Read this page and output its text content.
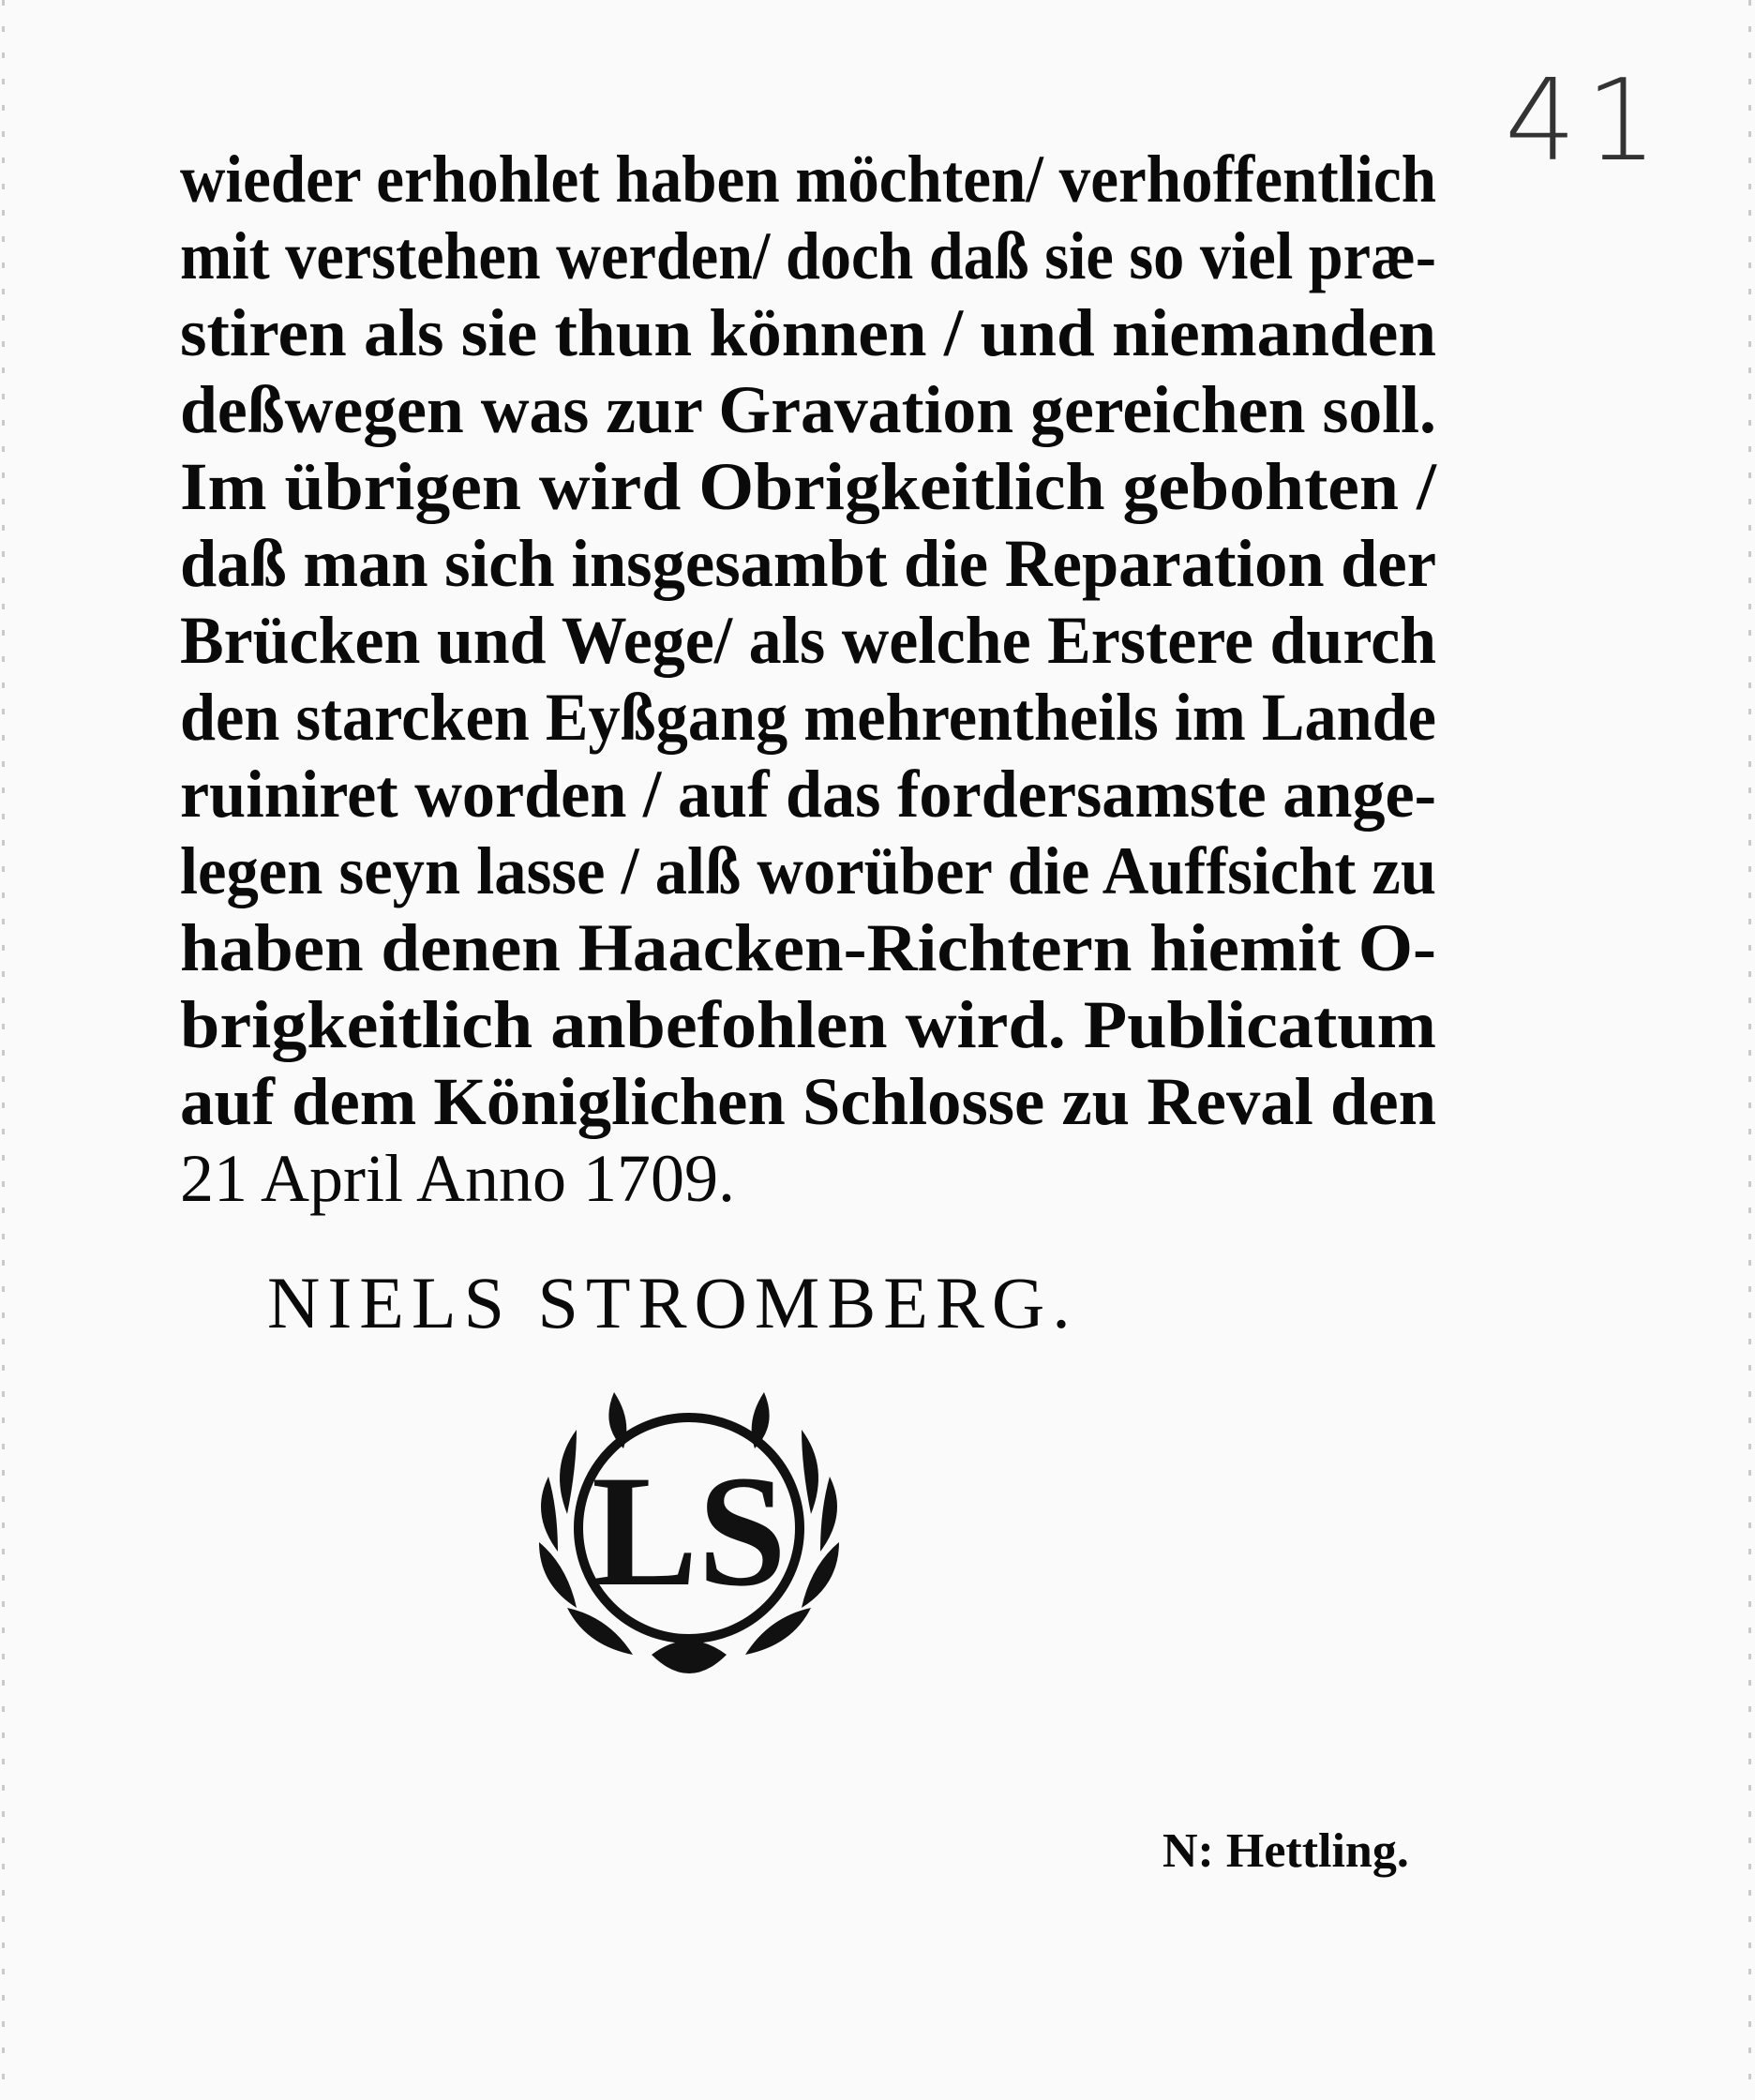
41
wieder erhohlet haben möchten/ verhoffentlich
mit verstehen werden/ doch daß sie so viel præ-
stiren als sie thun können / und niemanden
deßwegen was zur Gravation gereichen soll.
Im übrigen wird Obrigkeitlich gebohten /
daß man sich insgesambt die Reparation der
Brücken und Wege/ als welche Erstere durch
den starcken Eyßgang mehrentheils im Lande
ruiniret worden / auf das fordersamste ange-
legen seyn lasse / alß worüber die Auffsicht zu
haben denen Haacken-Richtern hiemit O-
brigkeitlich anbefohlen wird. Publicatum
auf dem Königlichen Schlosse zu Reval den
21 April Anno 1709.
NIELS STROMBERG.
LS
N: Hettling.
